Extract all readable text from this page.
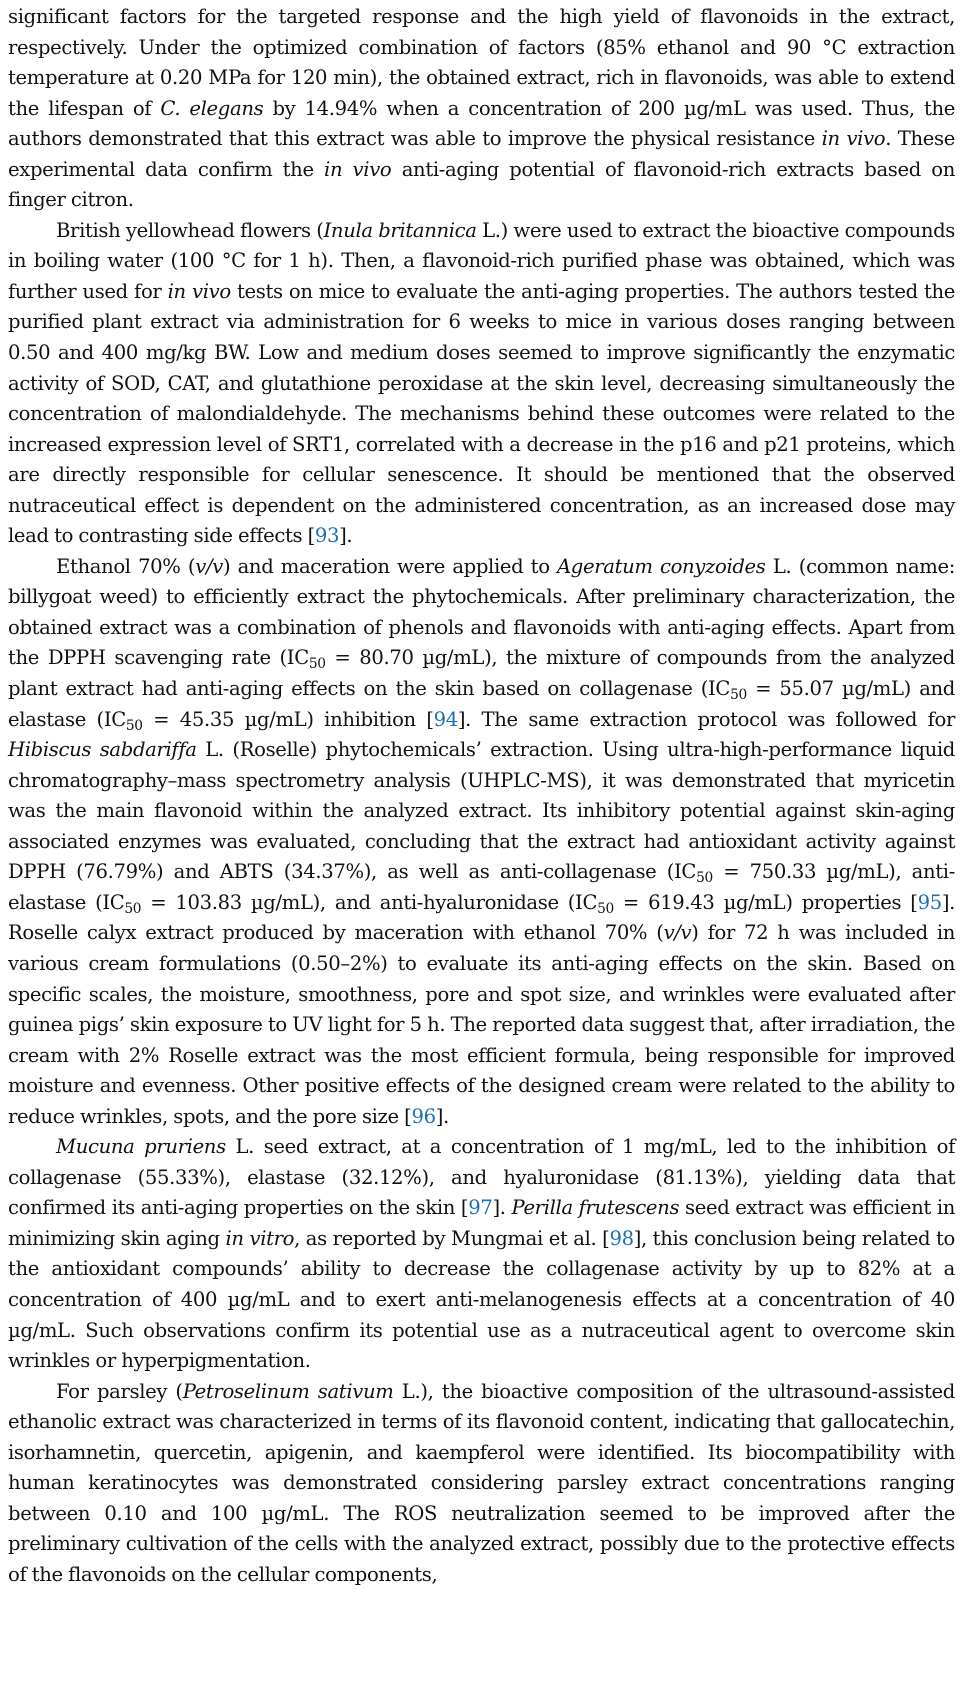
significant factors for the targeted response and the high yield of flavonoids in the extract, respectively. Under the optimized combination of factors (85% ethanol and 90 °C extraction temperature at 0.20 MPa for 120 min), the obtained extract, rich in flavonoids, was able to extend the lifespan of C. elegans by 14.94% when a concentration of 200 µg/mL was used. Thus, the authors demonstrated that this extract was able to improve the physical resistance in vivo. These experimental data confirm the in vivo anti-aging potential of flavonoid-rich extracts based on finger citron.

British yellowhead flowers (Inula britannica L.) were used to extract the bioactive compounds in boiling water (100 °C for 1 h). Then, a flavonoid-rich purified phase was obtained, which was further used for in vivo tests on mice to evaluate the anti-aging properties. The authors tested the purified plant extract via administration for 6 weeks to mice in various doses ranging between 0.50 and 400 mg/kg BW. Low and medium doses seemed to improve significantly the enzymatic activity of SOD, CAT, and glutathione peroxidase at the skin level, decreasing simultaneously the concentration of malondialdehyde. The mechanisms behind these outcomes were related to the increased expression level of SRT1, correlated with a decrease in the p16 and p21 proteins, which are directly responsible for cellular senescence. It should be mentioned that the observed nutraceutical effect is dependent on the administered concentration, as an increased dose may lead to contrasting side effects [93].

Ethanol 70% (v/v) and maceration were applied to Ageratum conyzoides L. (common name: billygoat weed) to efficiently extract the phytochemicals. After preliminary characterization, the obtained extract was a combination of phenols and flavonoids with anti-aging effects. Apart from the DPPH scavenging rate ($IC_{50} = 80.70$ µg/mL), the mixture of compounds from the analyzed plant extract had anti-aging effects on the skin based on collagenase ($IC_{50} = 55.07$ µg/mL) and elastase ($IC_{50} = 45.35$ µg/mL) inhibition [94]. The same extraction protocol was followed for Hibiscus sabdariffa L. (Roselle) phytochemicals’ extraction. Using ultra-high-performance liquid chromatography–mass spectrometry analysis (UHPLC-MS), it was demonstrated that myricetin was the main flavonoid within the analyzed extract. Its inhibitory potential against skin-aging associated enzymes was evaluated, concluding that the extract had antioxidant activity against DPPH (76.79%) and ABTS (34.37%), as well as anti-collagenase ($IC_{50} = 750.33$ µg/mL), anti-elastase ($IC_{50} = 103.83$ µg/mL), and anti-hyaluronidase ($IC_{50} = 619.43$ µg/mL) properties [95]. Roselle calyx extract produced by maceration with ethanol 70% (v/v) for 72 h was included in various cream formulations (0.50–2%) to evaluate its anti-aging effects on the skin. Based on specific scales, the moisture, smoothness, pore and spot size, and wrinkles were evaluated after guinea pigs’ skin exposure to UV light for 5 h. The reported data suggest that, after irradiation, the cream with 2% Roselle extract was the most efficient formula, being responsible for improved moisture and evenness. Other positive effects of the designed cream were related to the ability to reduce wrinkles, spots, and the pore size [96].

Mucuna pruriens L. seed extract, at a concentration of 1 mg/mL, led to the inhibition of collagenase (55.33%), elastase (32.12%), and hyaluronidase (81.13%), yielding data that confirmed its anti-aging properties on the skin [97]. Perilla frutescens seed extract was efficient in minimizing skin aging in vitro, as reported by Mungmai et al. [98], this conclusion being related to the antioxidant compounds’ ability to decrease the collagenase activity by up to 82% at a concentration of 400 µg/mL and to exert anti-melanogenesis effects at a concentration of 40 µg/mL. Such observations confirm its potential use as a nutraceutical agent to overcome skin wrinkles or hyperpigmentation.

For parsley (Petroselinum sativum L.), the bioactive composition of the ultrasound-assisted ethanolic extract was characterized in terms of its flavonoid content, indicating that gallocatechin, isorhamnetin, quercetin, apigenin, and kaempferol were identified. Its biocompatibility with human keratinocytes was demonstrated considering parsley extract concentrations ranging between 0.10 and 100 µg/mL. The ROS neutralization seemed to be improved after the preliminary cultivation of the cells with the analyzed extract, possibly due to the protective effects of the flavonoids on the cellular components,
